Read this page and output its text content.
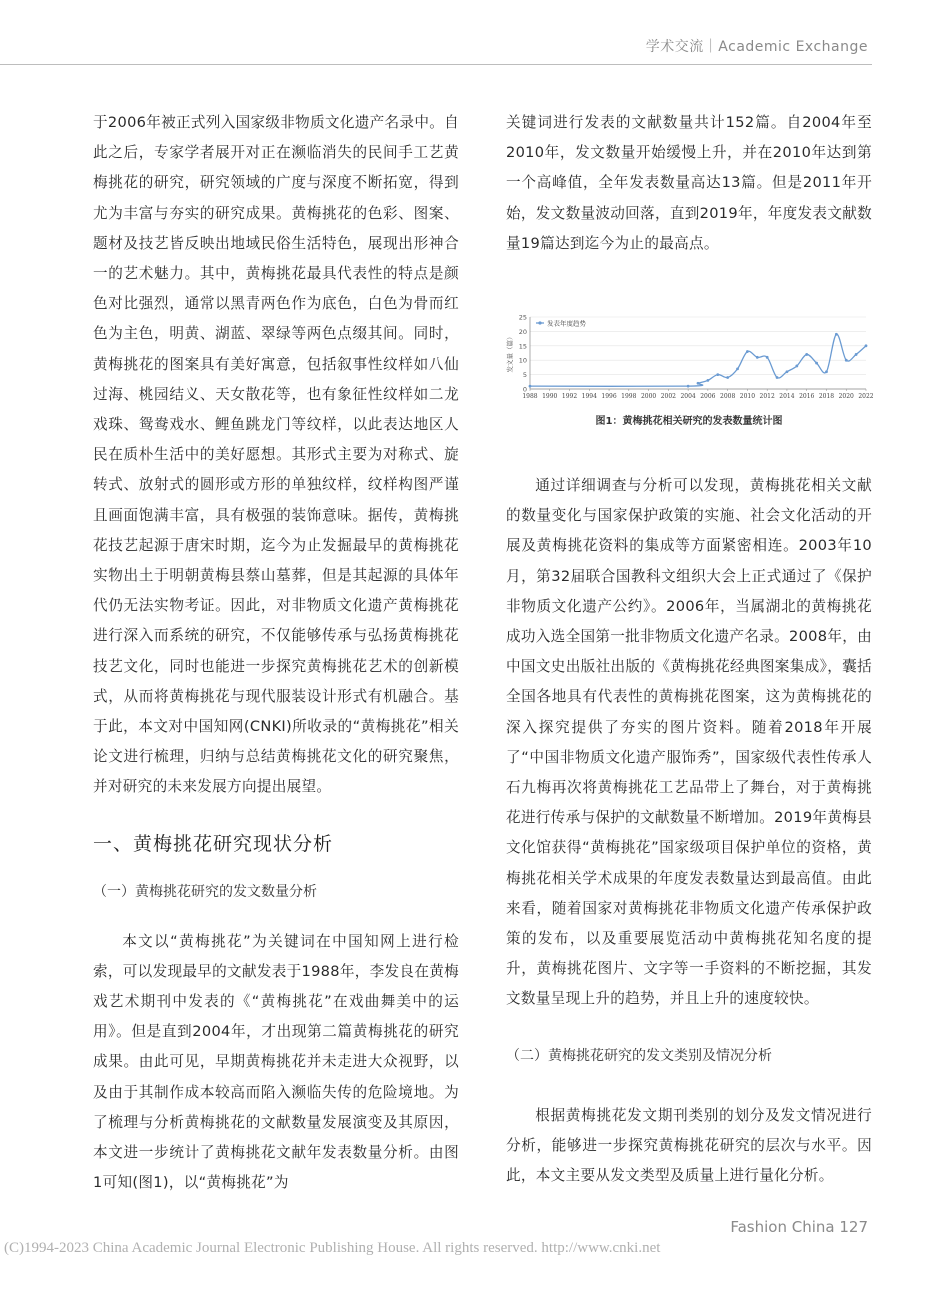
学术交流｜Academic Exchange

于2006年被正式列入国家级非物质文化遗产名录中。自此之后，专家学者展开对正在濒临消失的民间手工艺黄梅挑花的研究，研究领域的广度与深度不断拓宽，得到尤为丰富与夯实的研究成果。黄梅挑花的色彩、图案、题材及技艺皆反映出地域民俗生活特色，展现出形神合一的艺术魅力。其中，黄梅挑花最具代表性的特点是颜色对比强烈，通常以黑青两色作为底色，白色为骨而红色为主色，明黄、湖蓝、翠绿等两色点缀其间。同时，黄梅挑花的图案具有美好寓意，包括叙事性纹样如八仙过海、桃园结义、天女散花等，也有象征性纹样如二龙戏珠、鸳鸯戏水、鲤鱼跳龙门等纹样，以此表达地区人民在质朴生活中的美好愿想。其形式主要为对称式、旋转式、放射式的圆形或方形的单独纹样，纹样构图严谨且画面饱满丰富，具有极强的装饰意味。据传，黄梅挑花技艺起源于唐宋时期，迄今为止发掘最早的黄梅挑花实物出土于明朝黄梅县蔡山墓葬，但是其起源的具体年代仍无法实物考证。因此，对非物质文化遗产黄梅挑花进行深入而系统的研究，不仅能够传承与弘扬黄梅挑花技艺文化，同时也能进一步探究黄梅挑花艺术的创新模式，从而将黄梅挑花与现代服装设计形式有机融合。基于此，本文对中国知网(CNKI)所收录的“黄梅挑花”相关论文进行梳理，归纳与总结黄梅挑花文化的研究聚焦，并对研究的未来发展方向提出展望。

一、黄梅挑花研究现状分析
（一）黄梅挑花研究的发文数量分析

本文以“黄梅挑花”为关键词在中国知网上进行检索，可以发现最早的文献发表于1988年，李发良在黄梅戏艺术期刊中发表的《“黄梅挑花”在戏曲舞美中的运用》。但是直到2004年，才出现第二篇黄梅挑花的研究成果。由此可见，早期黄梅挑花并未走进大众视野，以及由于其制作成本较高而陷入濒临失传的危险境地。为了梳理与分析黄梅挑花的文献数量发展演变及其原因，本文进一步统计了黄梅挑花文献年发表数量分析。由图1可知(图1)，以“黄梅挑花”为

关键词进行发表的文献数量共计152篇。自2004年至2010年，发文数量开始缓慢上升，并在2010年达到第一个高峰值，全年发表数量高达13篇。但是2011年开始，发文数量波动回落，直到2019年，年度发表文献数量19篇达到迄今为止的最高点。

0
5
10
15
20
25
1988 1990 1992 1994 1996 1998 2000 2002 2004 2006 2008 2010 2012 2014 2016 2018 2020 2022
发文量（篇）
发表年度趋势
图1：黄梅挑花相关研究的发表数量统计图

通过详细调查与分析可以发现，黄梅挑花相关文献的数量变化与国家保护政策的实施、社会文化活动的开展及黄梅挑花资料的集成等方面紧密相连。2003年10月，第32届联合国教科文组织大会上正式通过了《保护非物质文化遗产公约》。2006年，当属湖北的黄梅挑花成功入选全国第一批非物质文化遗产名录。2008年，由中国文史出版社出版的《黄梅挑花经典图案集成》，囊括全国各地具有代表性的黄梅挑花图案，这为黄梅挑花的深入探究提供了夯实的图片资料。随着2018年开展了“中国非物质文化遗产服饰秀”，国家级代表性传承人石九梅再次将黄梅挑花工艺品带上了舞台，对于黄梅挑花进行传承与保护的文献数量不断增加。2019年黄梅县文化馆获得“黄梅挑花”国家级项目保护单位的资格，黄梅挑花相关学术成果的年度发表数量达到最高值。由此来看，随着国家对黄梅挑花非物质文化遗产传承保护政策的发布，以及重要展览活动中黄梅挑花知名度的提升，黄梅挑花图片、文字等一手资料的不断挖掘，其发文数量呈现上升的趋势，并且上升的速度较快。

（二）黄梅挑花研究的发文类别及情况分析

根据黄梅挑花发文期刊类别的划分及发文情况进行分析，能够进一步探究黄梅挑花研究的层次与水平。因此，本文主要从发文类型及质量上进行量化分析。

Fashion China 127
(C)1994-2023 China Academic Journal Electronic Publishing House. All rights reserved. http://www.cnki.net
